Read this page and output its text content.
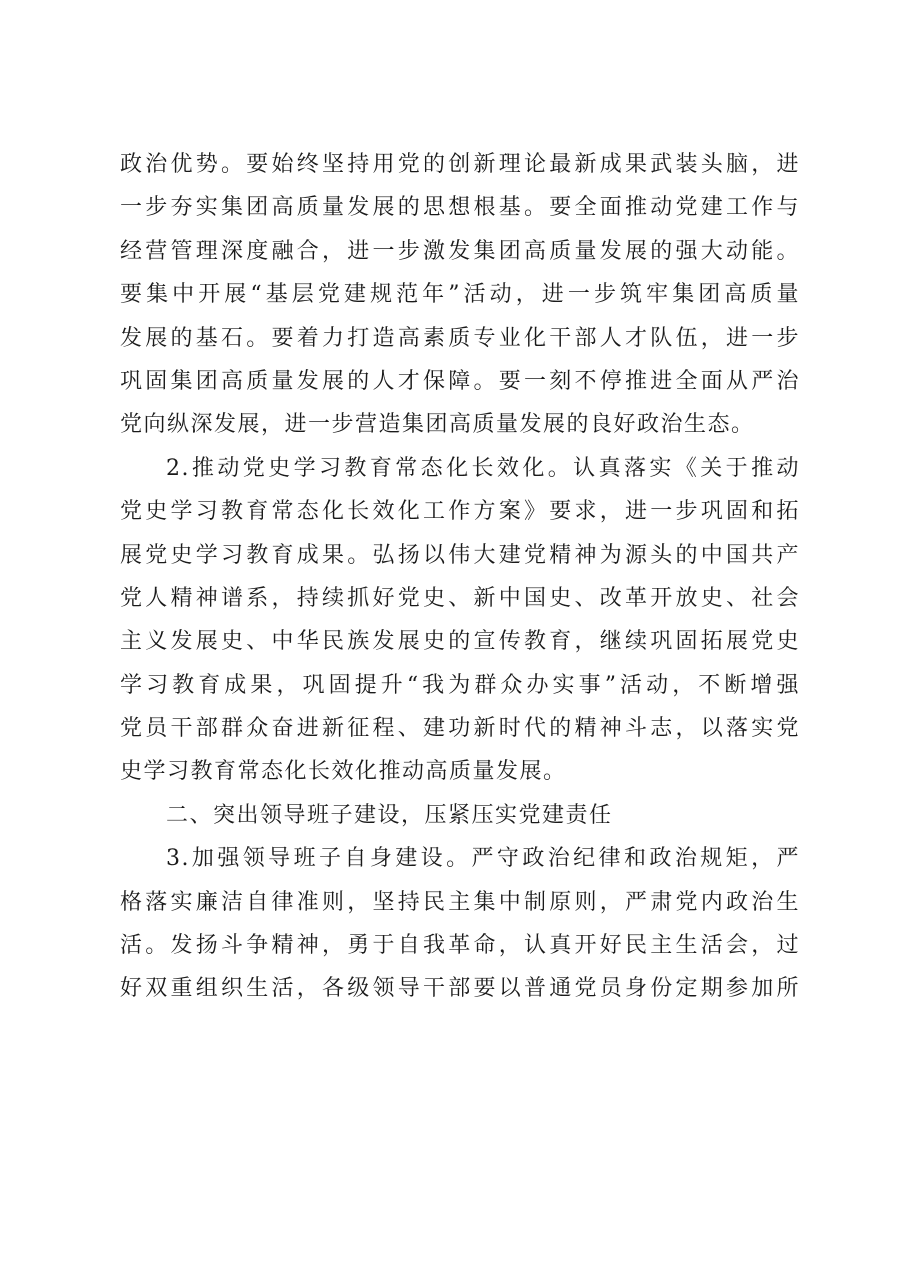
政治优势。要始终坚持用党的创新理论最新成果武装头脑，进
一步夯实集团高质量发展的思想根基。要全面推动党建工作与
经营管理深度融合，进一步激发集团高质量发展的强大动能。
要集中开展“基层党建规范年”活动，进一步筑牢集团高质量
发展的基石。要着力打造高素质专业化干部人才队伍，进一步
巩固集团高质量发展的人才保障。要一刻不停推进全面从严治
党向纵深发展，进一步营造集团高质量发展的良好政治生态。
2.推动党史学习教育常态化长效化。认真落实《关于推动
党史学习教育常态化长效化工作方案》要求，进一步巩固和拓
展党史学习教育成果。弘扬以伟大建党精神为源头的中国共产
党人精神谱系，持续抓好党史、新中国史、改革开放史、社会
主义发展史、中华民族发展史的宣传教育，继续巩固拓展党史
学习教育成果，巩固提升“我为群众办实事”活动，不断增强
党员干部群众奋进新征程、建功新时代的精神斗志，以落实党
史学习教育常态化长效化推动高质量发展。
二、突出领导班子建设，压紧压实党建责任
3.加强领导班子自身建设。严守政治纪律和政治规矩，严
格落实廉洁自律准则，坚持民主集中制原则，严肃党内政治生
活。发扬斗争精神，勇于自我革命，认真开好民主生活会，过
好双重组织生活，各级领导干部要以普通党员身份定期参加所
